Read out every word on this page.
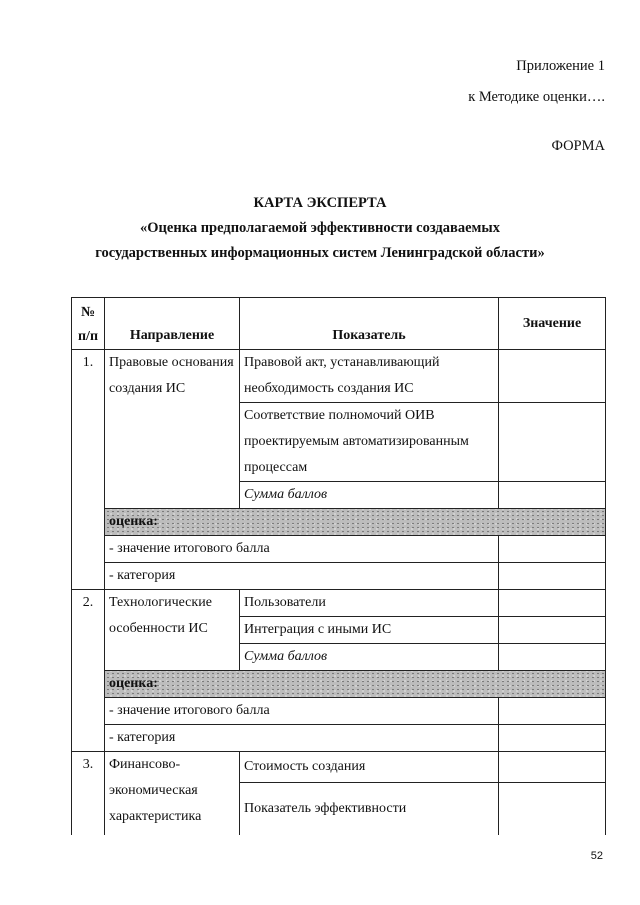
Приложение 1
к Методике оценки….
ФОРМА
КАРТА ЭКСПЕРТА
«Оценка предполагаемой эффективности создаваемых
государственных информационных систем Ленинградской области»
№
п/п	Направление	Показатель	Значение
1.	Правовые основания создания ИС	Правовой акт, устанавливающий необходимость создания ИС	
		Соответствие полномочий ОИВ проектируемым автоматизированным процессам	
		Сумма баллов	
	оценка:		
	- значение итогового балла		
	- категория		
2.	Технологические особенности ИС	Пользователи	
		Интеграция с иными ИС	
		Сумма баллов	
	оценка:		
	- значение итогового балла		
	- категория		
3.	Финансово-экономическая характеристика	Стоимость создания	
		Показатель эффективности	
52
